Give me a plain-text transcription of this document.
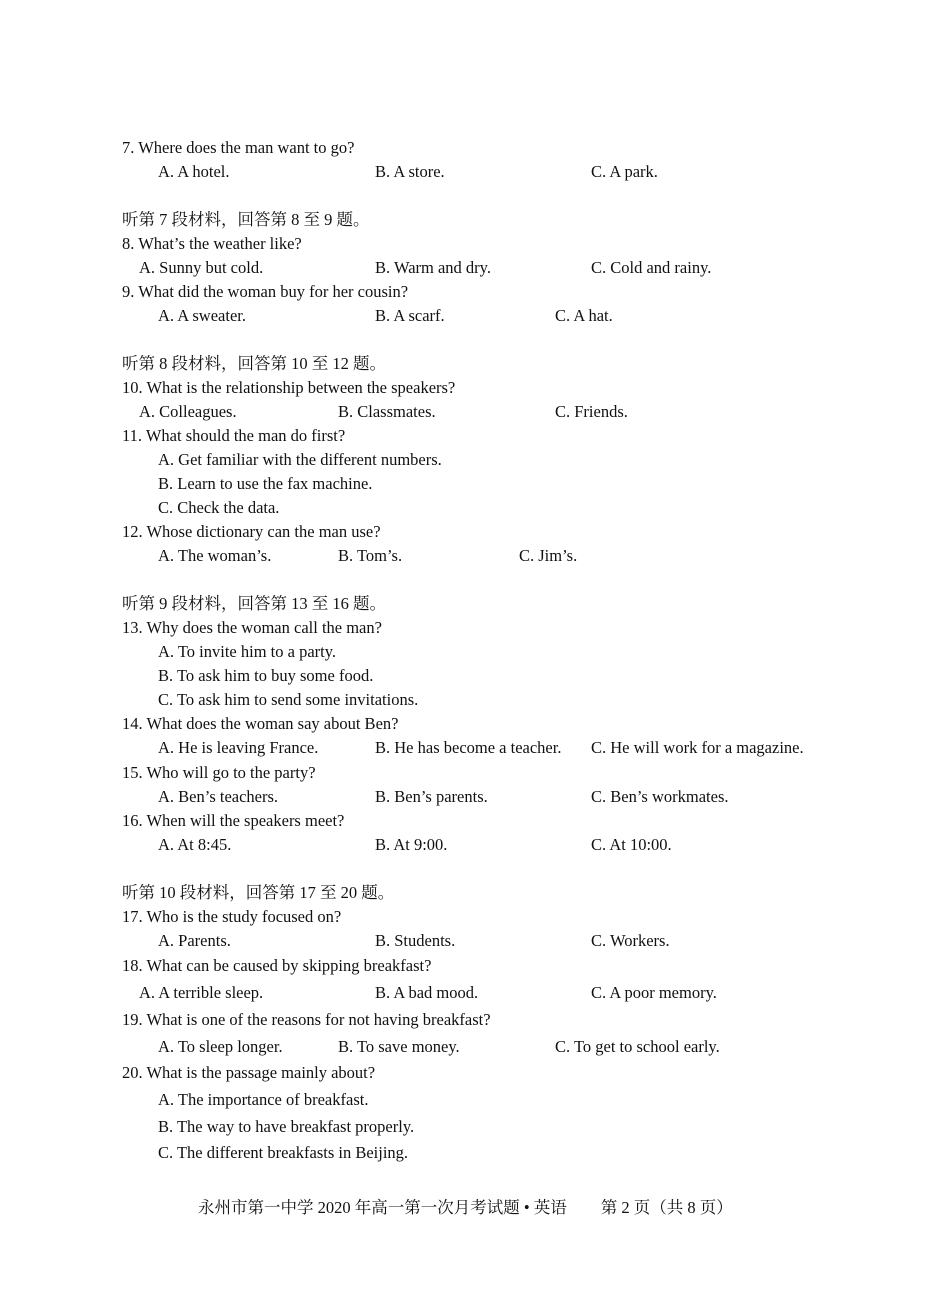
7. Where does the man want to go?
A. A hotel.	B. A store.	C. A park.
听第 7 段材料，回答第 8 至 9 题。
8. What’s the weather like?
A. Sunny but cold.	B. Warm and dry.	C. Cold and rainy.
9. What did the woman buy for her cousin?
A. A sweater.	B. A scarf.	C. A hat.
听第 8 段材料，回答第 10 至 12 题。
10. What is the relationship between the speakers?
A. Colleagues.	B. Classmates.	C. Friends.
11. What should the man do first?
A. Get familiar with the different numbers.
B. Learn to use the fax machine.
C. Check the data.
12. Whose dictionary can the man use?
A. The woman’s.	B. Tom’s.	C. Jim’s.
听第 9 段材料，回答第 13 至 16 题。
13. Why does the woman call the man?
A. To invite him to a party.
B. To ask him to buy some food.
C. To ask him to send some invitations.
14. What does the woman say about Ben?
A. He is leaving France.	B. He has become a teacher. C. He will work for a magazine.
15. Who will go to the party?
A. Ben’s teachers.	B. Ben’s parents.	C. Ben’s workmates.
16. When will the speakers meet?
A. At 8:45.	B. At 9:00.	C. At 10:00.
听第 10 段材料，回答第 17 至 20 题。
17. Who is the study focused on?
A. Parents.	B. Students.	C. Workers.
18. What can be caused by skipping breakfast?
A. A terrible sleep.	B. A bad mood.	C. A poor memory.
19. What is one of the reasons for not having breakfast?
A. To sleep longer.	B. To save money.	C. To get to school early.
20. What is the passage mainly about?
A. The importance of breakfast.
B. The way to have breakfast properly.
C. The different breakfasts in Beijing.
永州市第一中学 2020 年高一第一次月考试题 • 英语 第 2 页（共 8 页）
